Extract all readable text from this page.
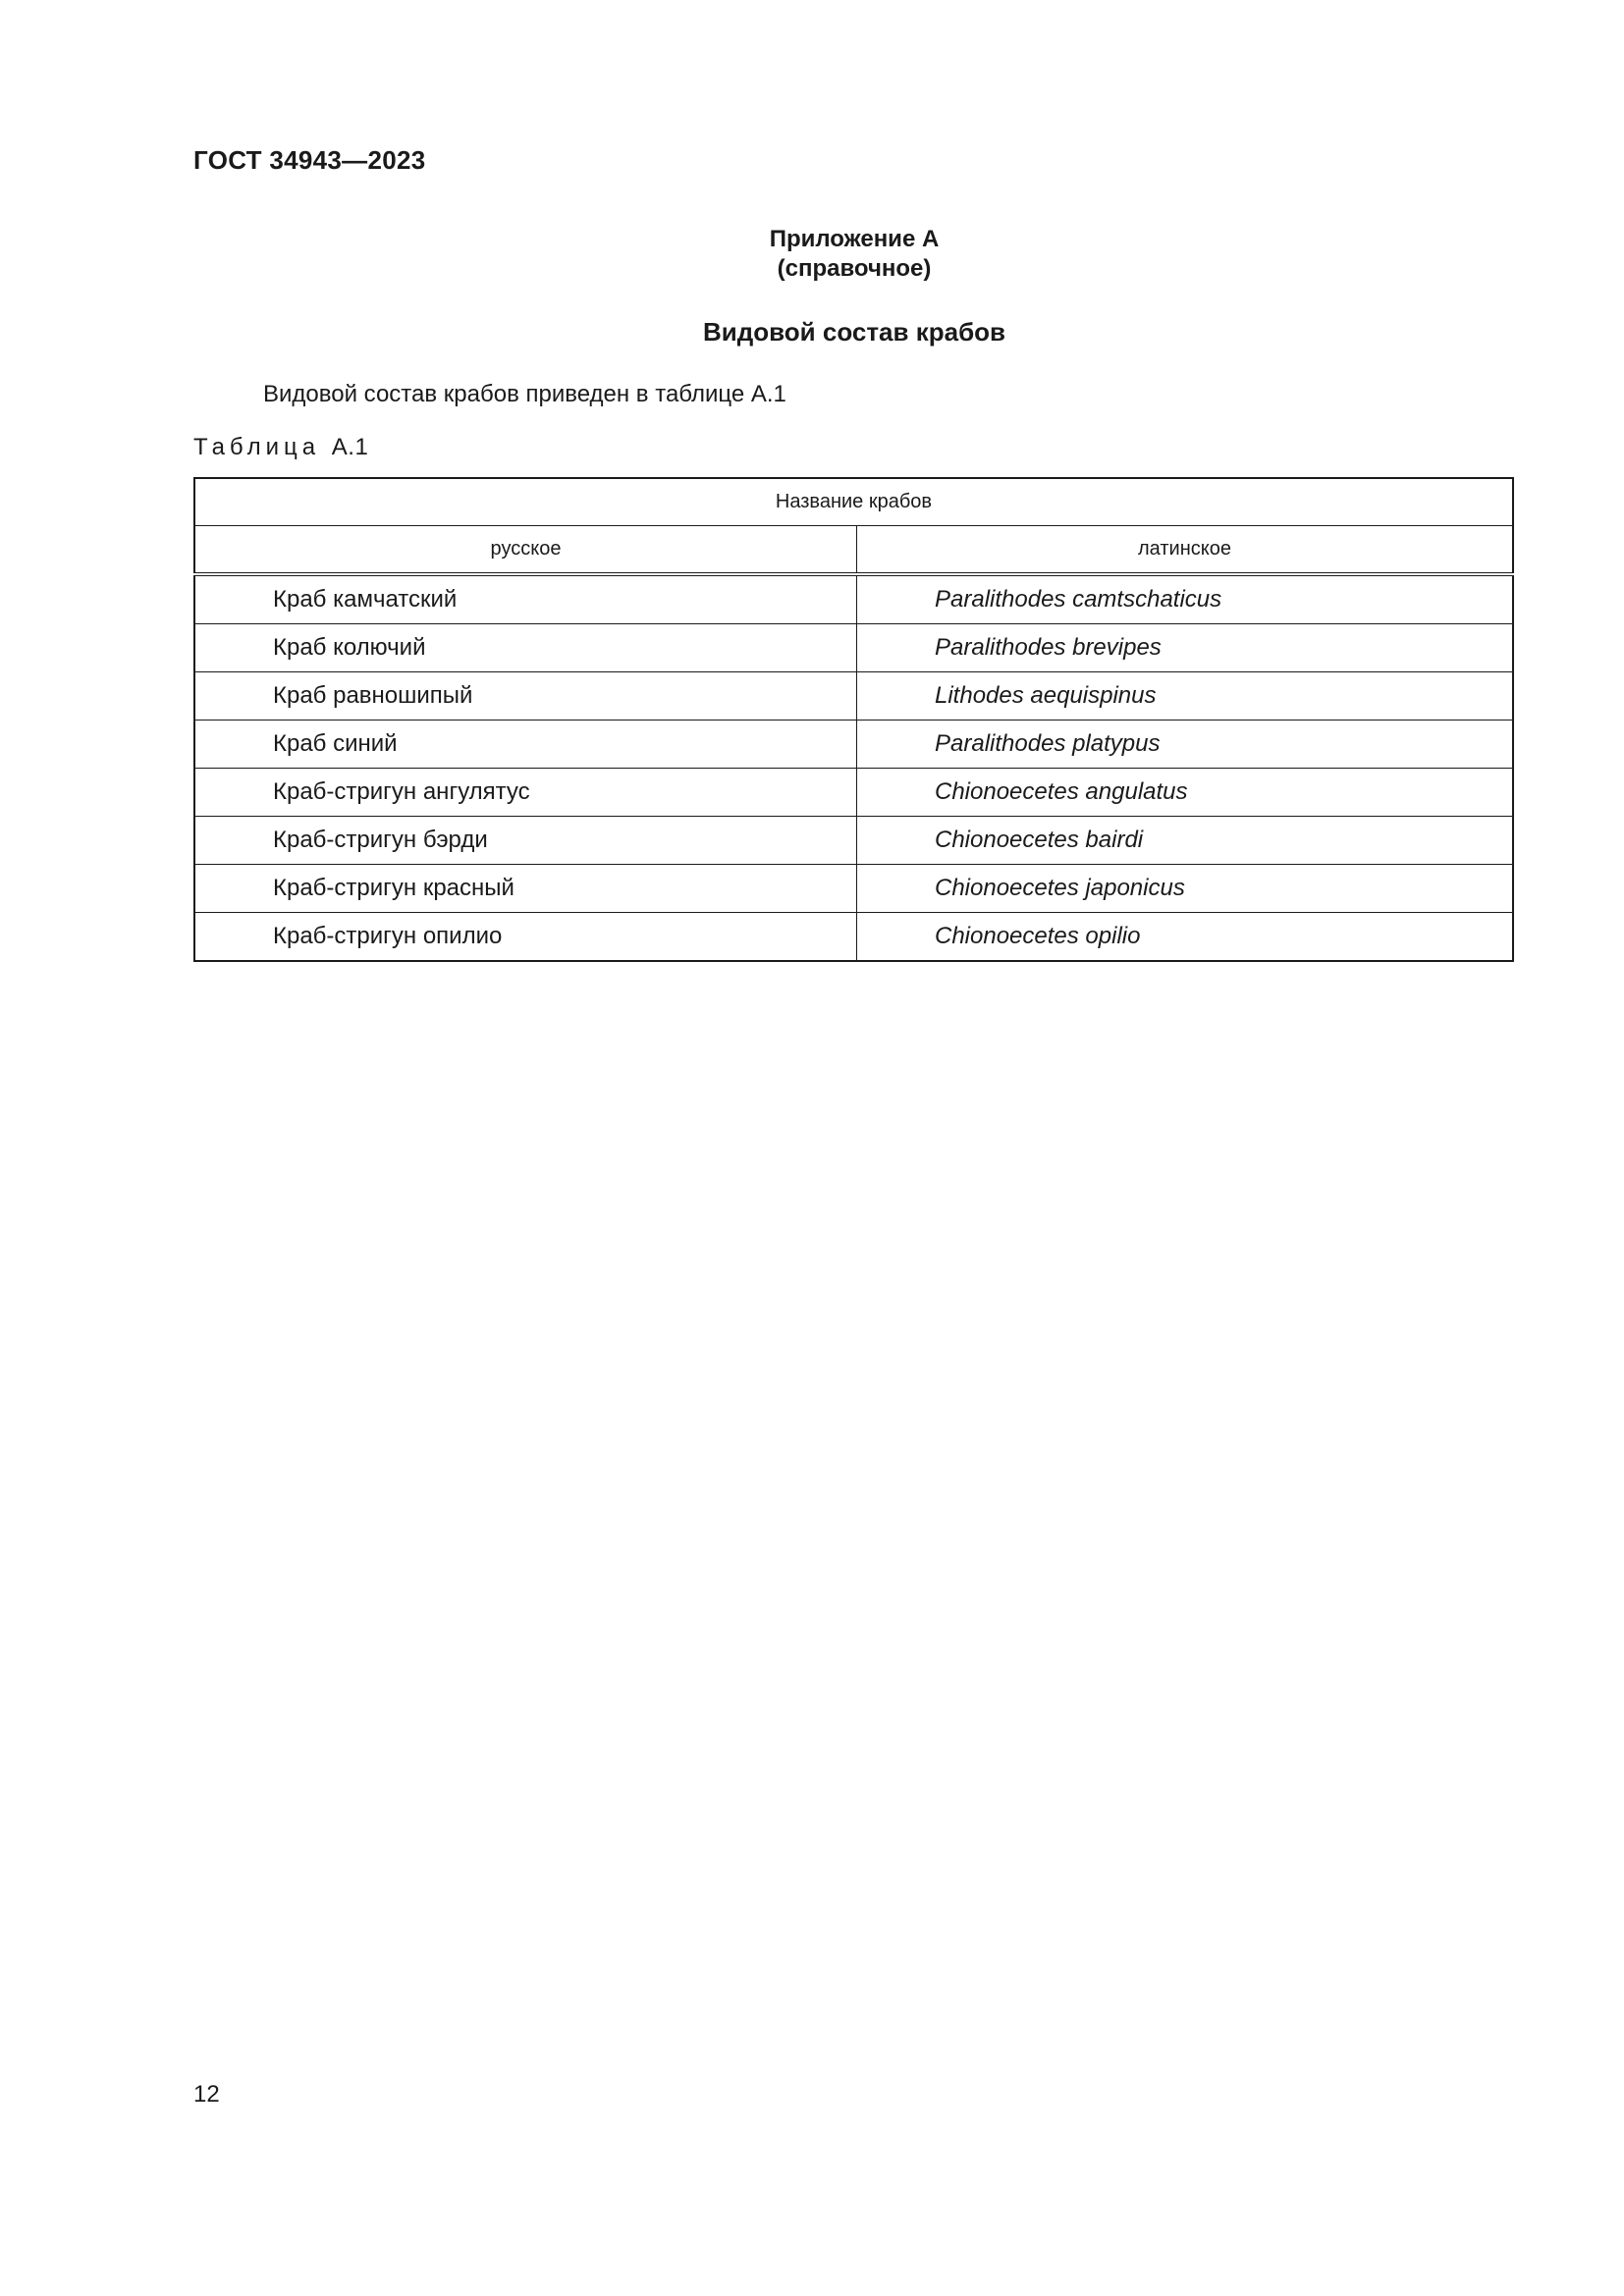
ГОСТ 34943—2023
Приложение А
(справочное)
Видовой состав крабов
Видовой состав крабов приведен в таблице А.1
Таблица А.1
Название крабов	
русское	латинское
Краб камчатский	Paralithodes camtschaticus
Краб колючий	Paralithodes brevipes
Краб равношипый	Lithodes aequispinus
Краб синий	Paralithodes platypus
Краб-стригун ангулятус	Chionoecetes angulatus
Краб-стригун бэрди	Chionoecetes bairdi
Краб-стригун красный	Chionoecetes japonicus
Краб-стригун опилио	Chionoecetes opilio
12
